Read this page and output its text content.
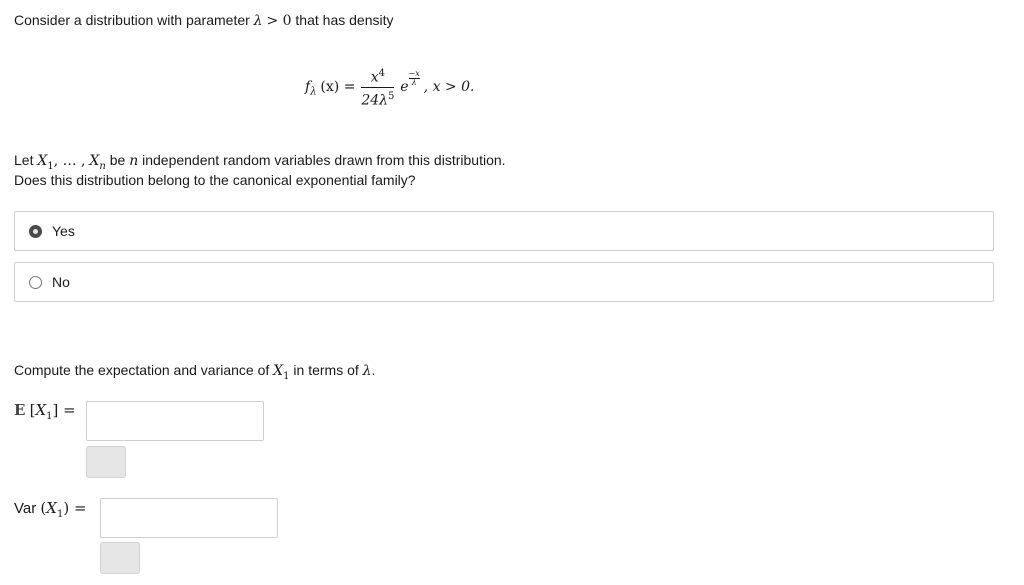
Consider a distribution with parameter λ > 0 that has density
$f_\lambda$ $(x) = \frac{x^4}{24\lambda^5}$ e $\frac{-x}{\lambda}$ , x > 0.
Let $X_1$, … , $X_n$ be n independent random variables drawn from this distribution.
Does this distribution belong to the canonical exponential family?
Yes
No
Compute the expectation and variance of $X_1$ in terms of λ.
E $[X_1]$ =
Var $(X_1)$ =
